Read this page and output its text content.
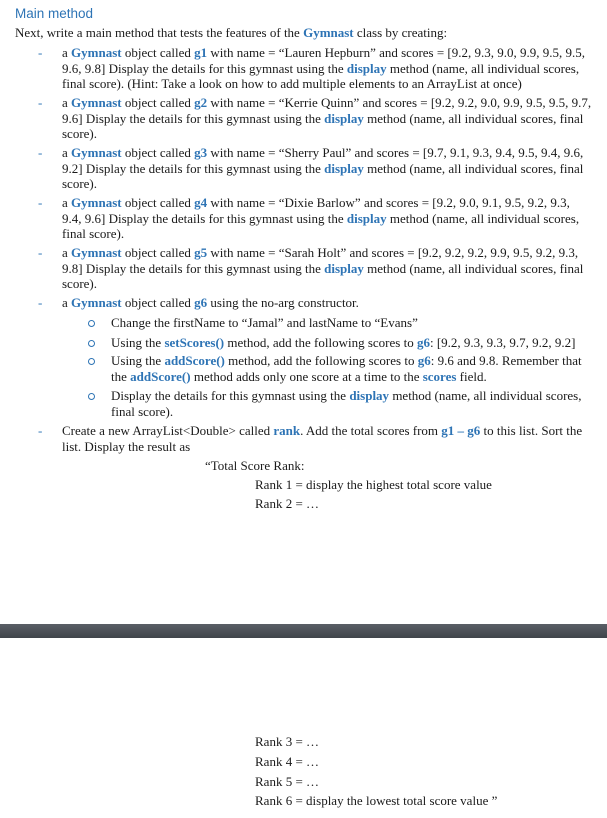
Main method
Next, write a main method that tests the features of the Gymnast class by creating:
- a Gymnast object called g1 with name = “Lauren Hepburn” and scores = [9.2, 9.3, 9.0, 9.9, 9.5, 9.5, 9.6, 9.8] Display the details for this gymnast using the display method (name, all individual scores, final score). (Hint: Take a look on how to add multiple elements to an ArrayList at once)
- a Gymnast object called g2 with name = “Kerrie Quinn” and scores = [9.2, 9.2, 9.0, 9.9, 9.5, 9.5, 9.7, 9.6] Display the details for this gymnast using the display method (name, all individual scores, final score).
- a Gymnast object called g3 with name = “Sherry Paul” and scores = [9.7, 9.1, 9.3, 9.4, 9.5, 9.4, 9.6, 9.2] Display the details for this gymnast using the display method (name, all individual scores, final score).
- a Gymnast object called g4 with name = “Dixie Barlow” and scores = [9.2, 9.0, 9.1, 9.5, 9.2, 9.3, 9.4, 9.6] Display the details for this gymnast using the display method (name, all individual scores, final score).
- a Gymnast object called g5 with name = “Sarah Holt” and scores = [9.2, 9.2, 9.2, 9.9, 9.5, 9.2, 9.3, 9.8] Display the details for this gymnast using the display method (name, all individual scores, final score).
- a Gymnast object called g6 using the no-arg constructor.
Change the firstName to “Jamal” and lastName to “Evans”
Using the setScores() method, add the following scores to g6: [9.2, 9.3, 9.3, 9.7, 9.2, 9.2]
Using the addScore() method, add the following scores to g6: 9.6 and 9.8. Remember that the addScore() method adds only one score at a time to the scores field.
Display the details for this gymnast using the display method (name, all individual scores, final score).
- Create a new ArrayList<Double> called rank. Add the total scores from g1 – g6 to this list. Sort the list. Display the result as
“Total Score Rank:
Rank 1 = display the highest total score value
Rank 2 = …
Rank 3 = …
Rank 4 = …
Rank 5 = …
Rank 6 = display the lowest total score value ”
